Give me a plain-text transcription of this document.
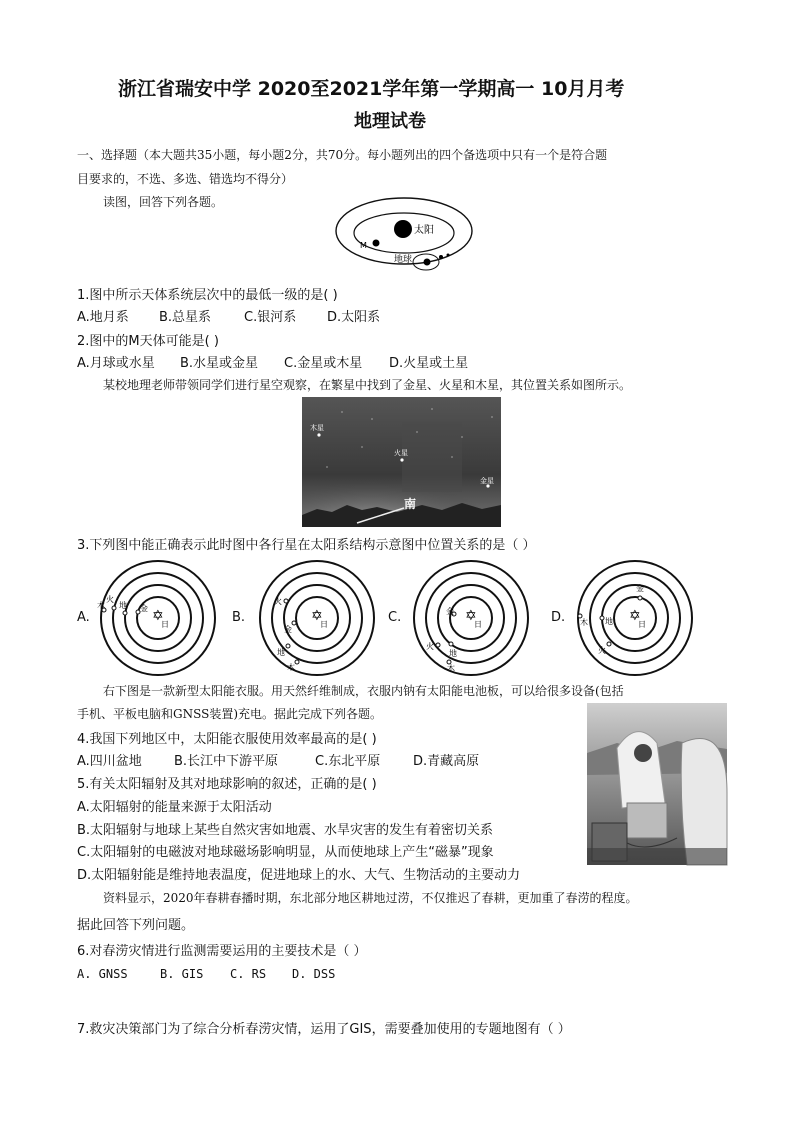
浙江省瑞安中学 2020至2021学年第一学期高一 10月月考
地理试卷
一、选择题（本大题共35小题，每小题2分，共70分。每小题列出的四个备选项中只有一个是符合题
目要求的，不选、多选、错选均不得分）
读图，回答下列各题。
太阳
M
地球
1.图中所示天体系统层次中的最低一级的是( )
A.地月系 B.总星系	C.银河系 D.太阳系
2.图中的M天体可能是( )
A.月球或水星 B.水星或金星 C.金星或木星 D.火星或土星
某校地理老师带领同学们进行星空观察，在繁星中找到了金星、火星和木星，其位置关系如图所示。
木星
火星
金星
南
3.下列图中能正确表示此时图中各行星在太阳系结构示意图中位置关系的是（ ）
A.	✡
日
木
火
地 金
B.	✡
日
火
金
地
木
C.	✡
日
金
火
地
木
D.	✡
日
金
木 地
火
右下图是一款新型太阳能衣服。用天然纤维制成，衣服内钠有太阳能电池板，可以给很多设备(包括
手机、平板电脑和GNSS装置)充电。据此完成下列各题。
4.我国下列地区中，太阳能衣服使用效率最高的是( )
A.四川盆地 B.长江中下游平原	C.东北平原	D.青藏高原
5.有关太阳辐射及其对地球影响的叙述，正确的是( )
A.太阳辐射的能量来源于太阳活动
B.太阳辐射与地球上某些自然灾害如地震、水旱灾害的发生有着密切关系
C.太阳辐射的电磁波对地球磁场影响明显，从而使地球上产生“磁暴”现象
D.太阳辐射能是维持地表温度，促进地球上的水、大气、生物活动的主要动力
资料显示，2020年春耕春播时期，东北部分地区耕地过涝，不仅推迟了春耕，更加重了春涝的程度。
据此回答下列问题。
6.对春涝灾情进行监测需要运用的主要技术是（ ）
A. GNSS	B. GIS C. RS D. DSS
7.救灾决策部门为了综合分析春涝灾情，运用了GIS，需要叠加使用的专题地图有（ ）
